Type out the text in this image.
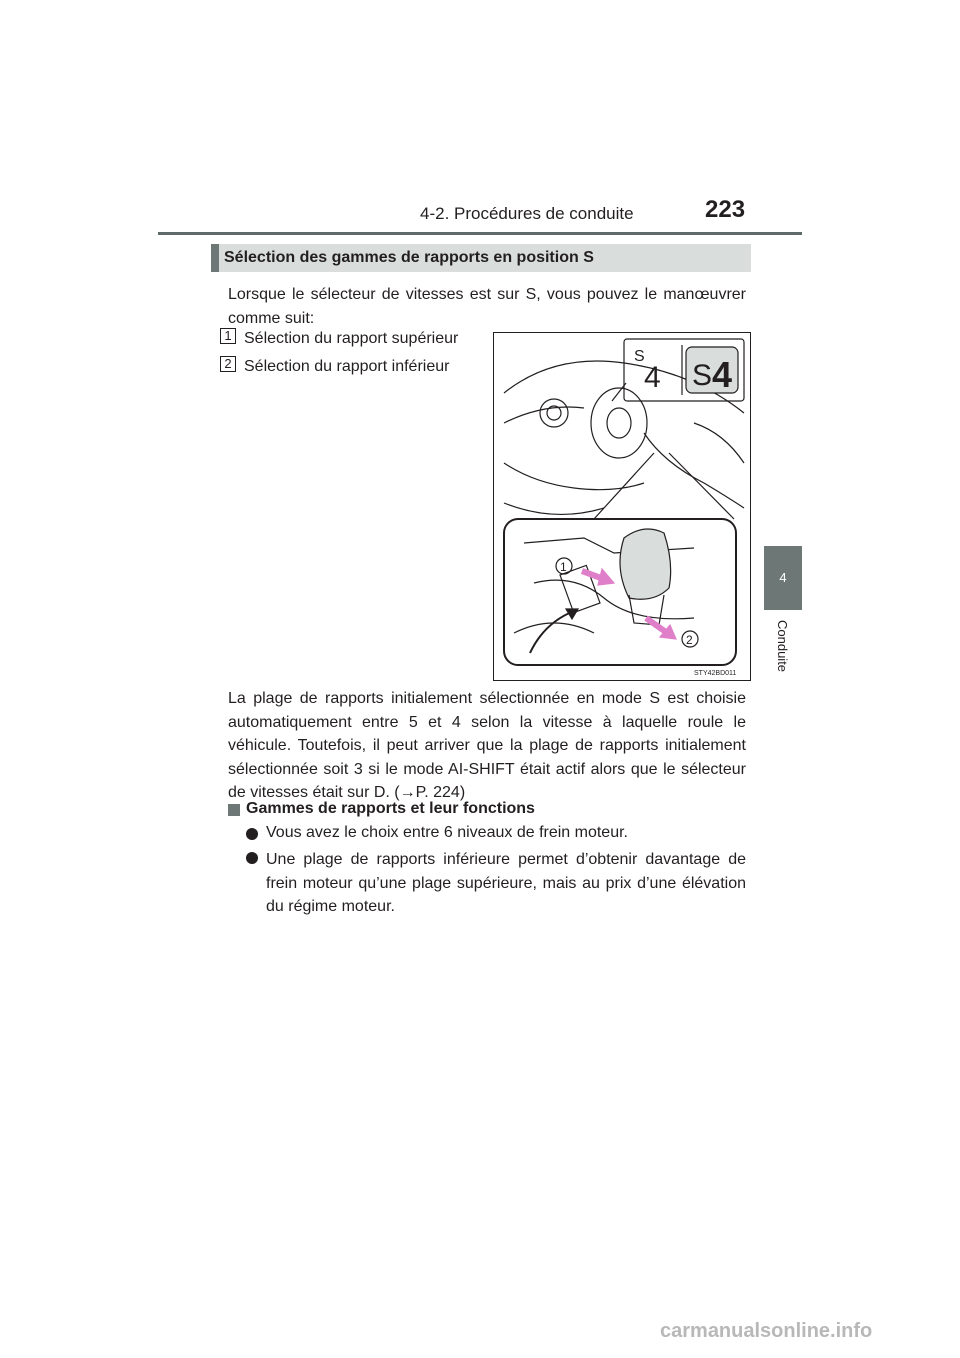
4-2. Procédures de conduite	223
4
Conduite
Sélection des gammes de rapports en position S
Lorsque le sélecteur de vitesses est sur S, vous pouvez le manœuvrer comme suit:
1 Sélection du rapport supérieur
2 Sélection du rapport inférieur
S
4 S 4
1
2
STY42BD011
La plage de rapports initialement sélectionnée en mode S est choisie automatiquement entre 5 et 4 selon la vitesse à laquelle roule le véhicule. Toutefois, il peut arriver que la plage de rapports initialement sélectionnée soit 3 si le mode AI-SHIFT était actif alors que le sélecteur de vitesses était sur D. (→P. 224)
Gammes de rapports et leur fonctions
Vous avez le choix entre 6 niveaux de frein moteur.
Une plage de rapports inférieure permet d’obtenir davantage de frein moteur qu’une plage supérieure, mais au prix d’une élévation du régime moteur.
carmanualsonline.info
